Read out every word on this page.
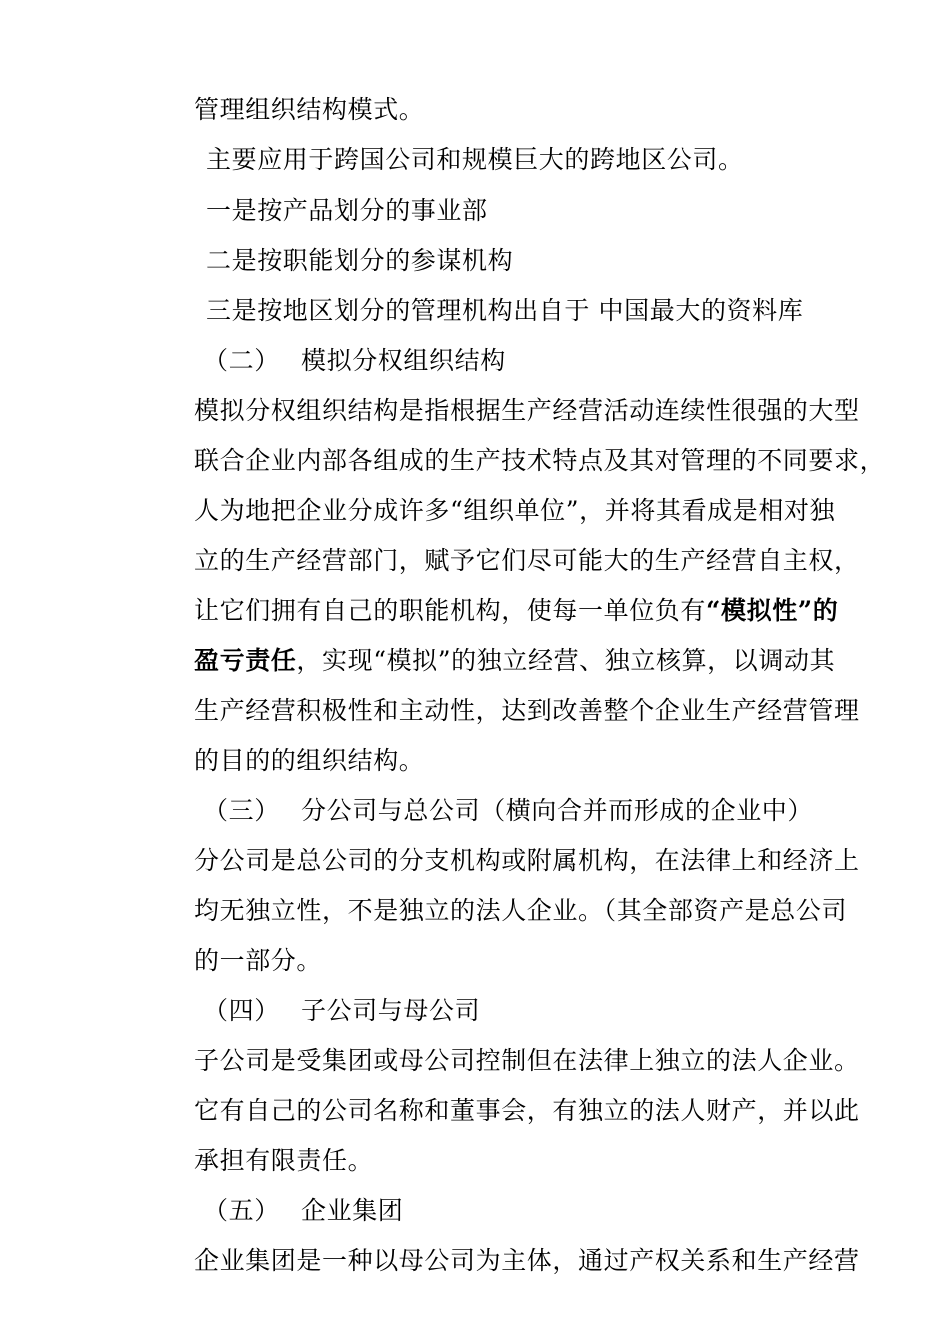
管理组织结构模式。
主要应用于跨国公司和规模巨大的跨地区公司。
一是按产品划分的事业部
二是按职能划分的参谋机构
三是按地区划分的管理机构出自于 中国最大的资料库
（二） 模拟分权组织结构
模拟分权组织结构是指根据生产经营活动连续性很强的大型
联合企业内部各组成的生产技术特点及其对管理的不同要求，
人为地把企业分成许多“组织单位”，并将其看成是相对独
立的生产经营部门，赋予它们尽可能大的生产经营自主权，
让它们拥有自己的职能机构，使每一单位负有“模拟性”的
盈亏责任，实现“模拟”的独立经营、独立核算，以调动其
生产经营积极性和主动性，达到改善整个企业生产经营管理
的目的的组织结构。
（三） 分公司与总公司（横向合并而形成的企业中）
分公司是总公司的分支机构或附属机构，在法律上和经济上
均无独立性，不是独立的法人企业。（其全部资产是总公司
的一部分。
（四） 子公司与母公司
子公司是受集团或母公司控制但在法律上独立的法人企业。
它有自己的公司名称和董事会，有独立的法人财产，并以此
承担有限责任。
（五） 企业集团
企业集团是一种以母公司为主体，通过产权关系和生产经营
